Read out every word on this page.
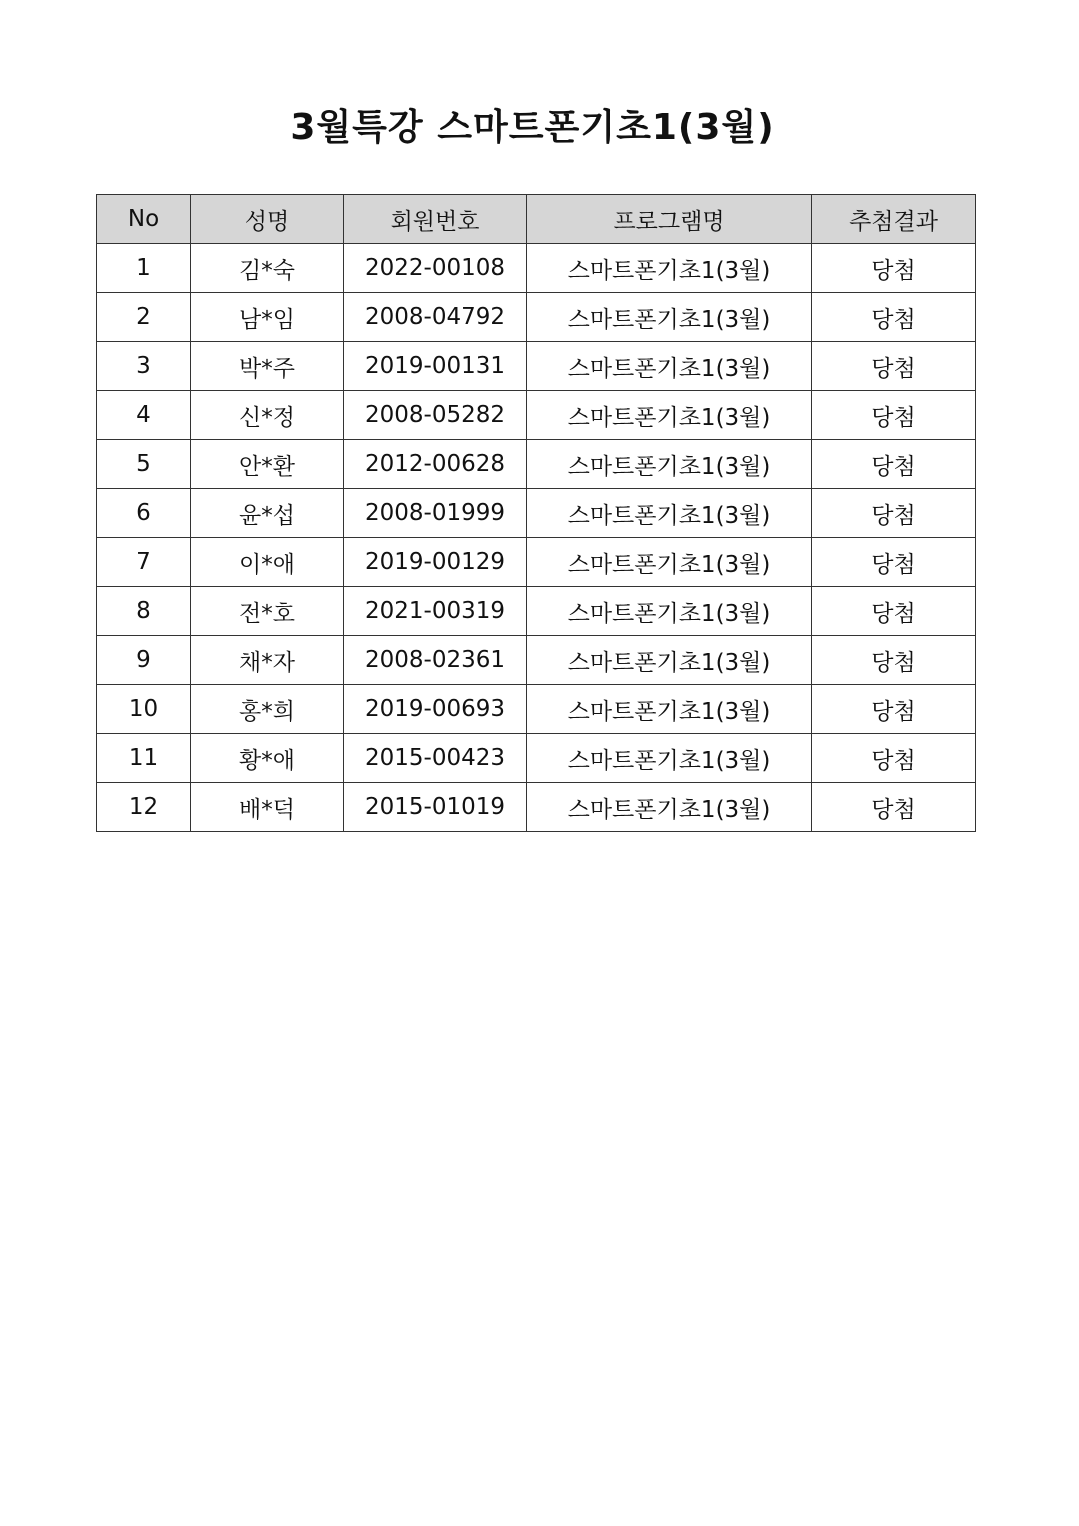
3월특강 스마트폰기초1(3월)
No	성명	회원번호	프로그램명	추첨결과
1	김*숙	2022-00108	스마트폰기초1(3월)	당첨
2	남*임	2008-04792	스마트폰기초1(3월)	당첨
3	박*주	2019-00131	스마트폰기초1(3월)	당첨
4	신*정	2008-05282	스마트폰기초1(3월)	당첨
5	안*환	2012-00628	스마트폰기초1(3월)	당첨
6	윤*섭	2008-01999	스마트폰기초1(3월)	당첨
7	이*애	2019-00129	스마트폰기초1(3월)	당첨
8	전*호	2021-00319	스마트폰기초1(3월)	당첨
9	채*자	2008-02361	스마트폰기초1(3월)	당첨
10	홍*희	2019-00693	스마트폰기초1(3월)	당첨
11	황*애	2015-00423	스마트폰기초1(3월)	당첨
12	배*덕	2015-01019	스마트폰기초1(3월)	당첨
